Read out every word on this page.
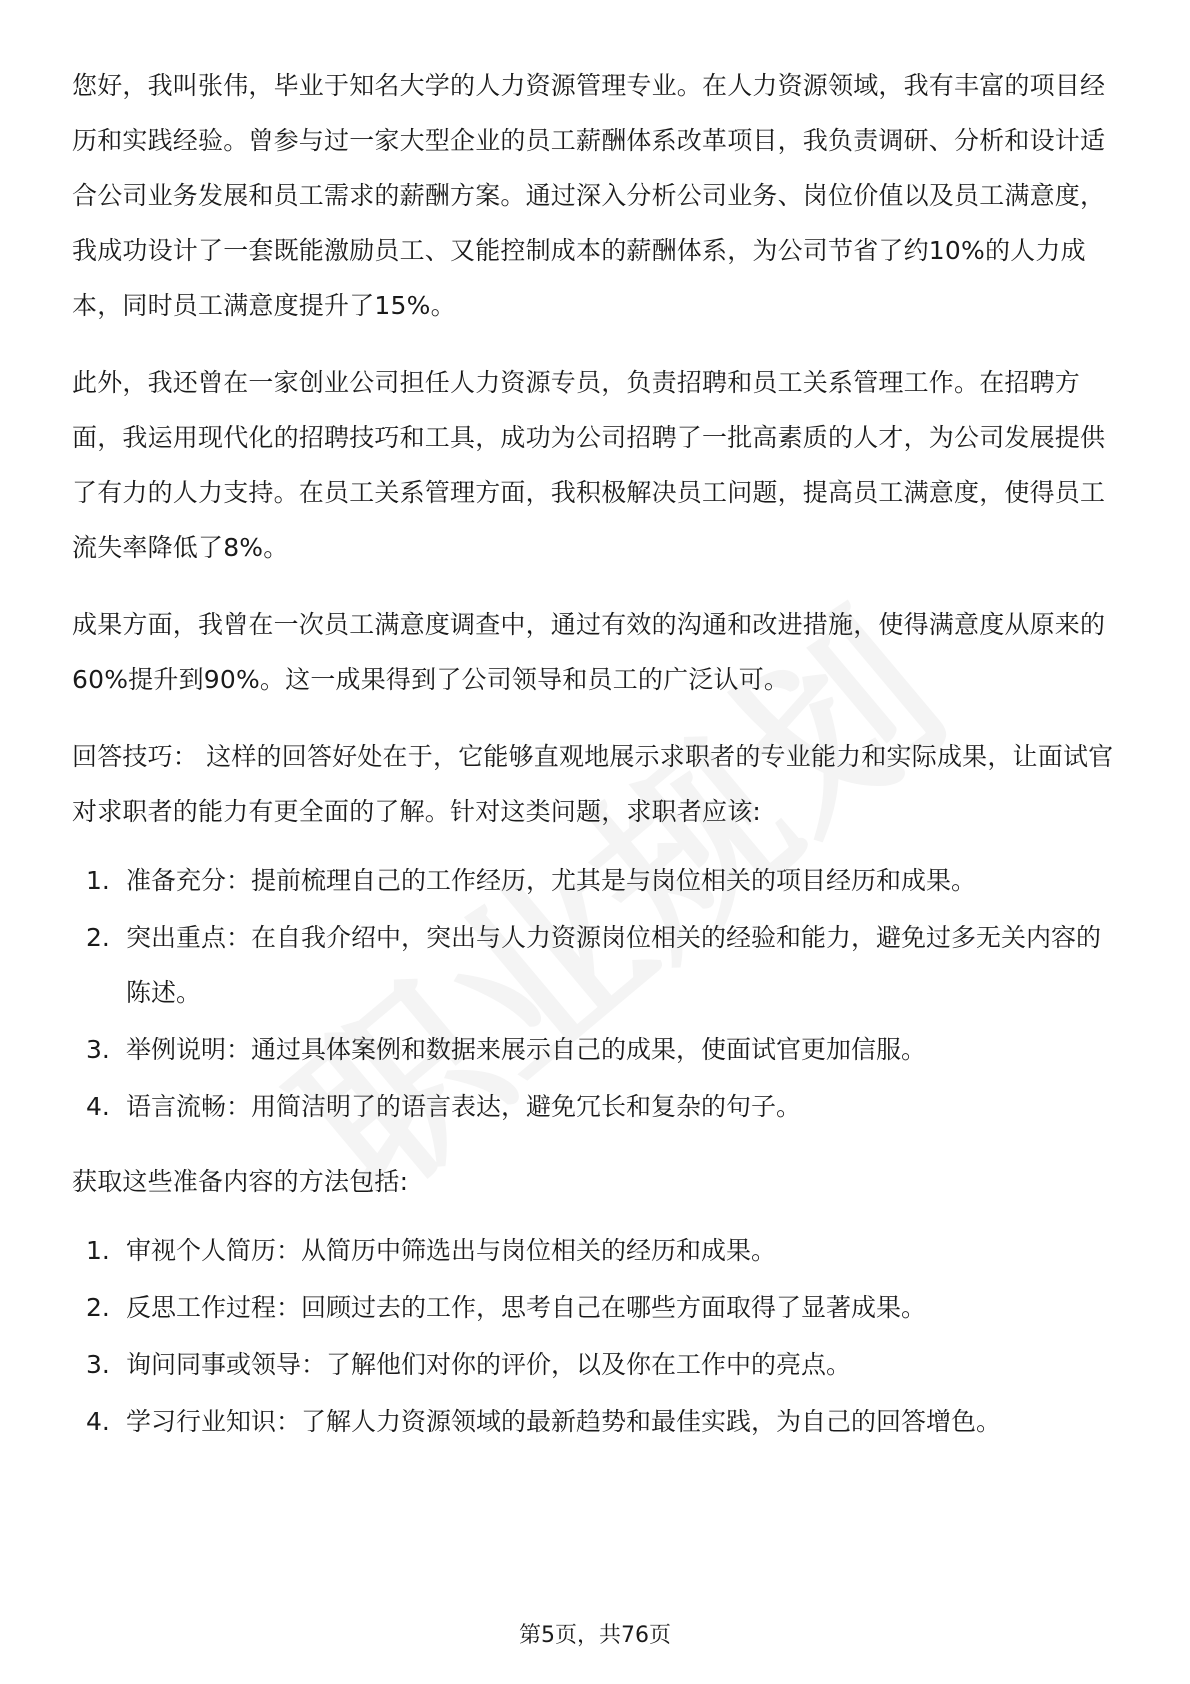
您好，我叫张伟，毕业于知名大学的人力资源管理专业。在人力资源领域，我有丰富的项目经历和实践经验。曾参与过一家大型企业的员工薪酬体系改革项目，我负责调研、分析和设计适合公司业务发展和员工需求的薪酬方案。通过深入分析公司业务、岗位价值以及员工满意度，我成功设计了一套既能激励员工、又能控制成本的薪酬体系，为公司节省了约10%的人力成本，同时员工满意度提升了15%。

此外，我还曾在一家创业公司担任人力资源专员，负责招聘和员工关系管理工作。在招聘方面，我运用现代化的招聘技巧和工具，成功为公司招聘了一批高素质的人才，为公司发展提供了有力的人力支持。在员工关系管理方面，我积极解决员工问题，提高员工满意度，使得员工流失率降低了8%。

成果方面，我曾在一次员工满意度调查中，通过有效的沟通和改进措施，使得满意度从原来的60%提升到90%。这一成果得到了公司领导和员工的广泛认可。

回答技巧： 这样的回答好处在于，它能够直观地展示求职者的专业能力和实际成果，让面试官对求职者的能力有更全面的了解。针对这类问题，求职者应该:

1. 准备充分：提前梳理自己的工作经历，尤其是与岗位相关的项目经历和成果。
2. 突出重点：在自我介绍中，突出与人力资源岗位相关的经验和能力，避免过多无关内容的陈述。
3. 举例说明：通过具体案例和数据来展示自己的成果，使面试官更加信服。
4. 语言流畅：用简洁明了的语言表达，避免冗长和复杂的句子。

获取这些准备内容的方法包括:

1. 审视个人简历：从简历中筛选出与岗位相关的经历和成果。
2. 反思工作过程：回顾过去的工作，思考自己在哪些方面取得了显著成果。
3. 询问同事或领导：了解他们对你的评价，以及你在工作中的亮点。
4. 学习行业知识：了解人力资源领域的最新趋势和最佳实践，为自己的回答增色。
第5页，共76页
